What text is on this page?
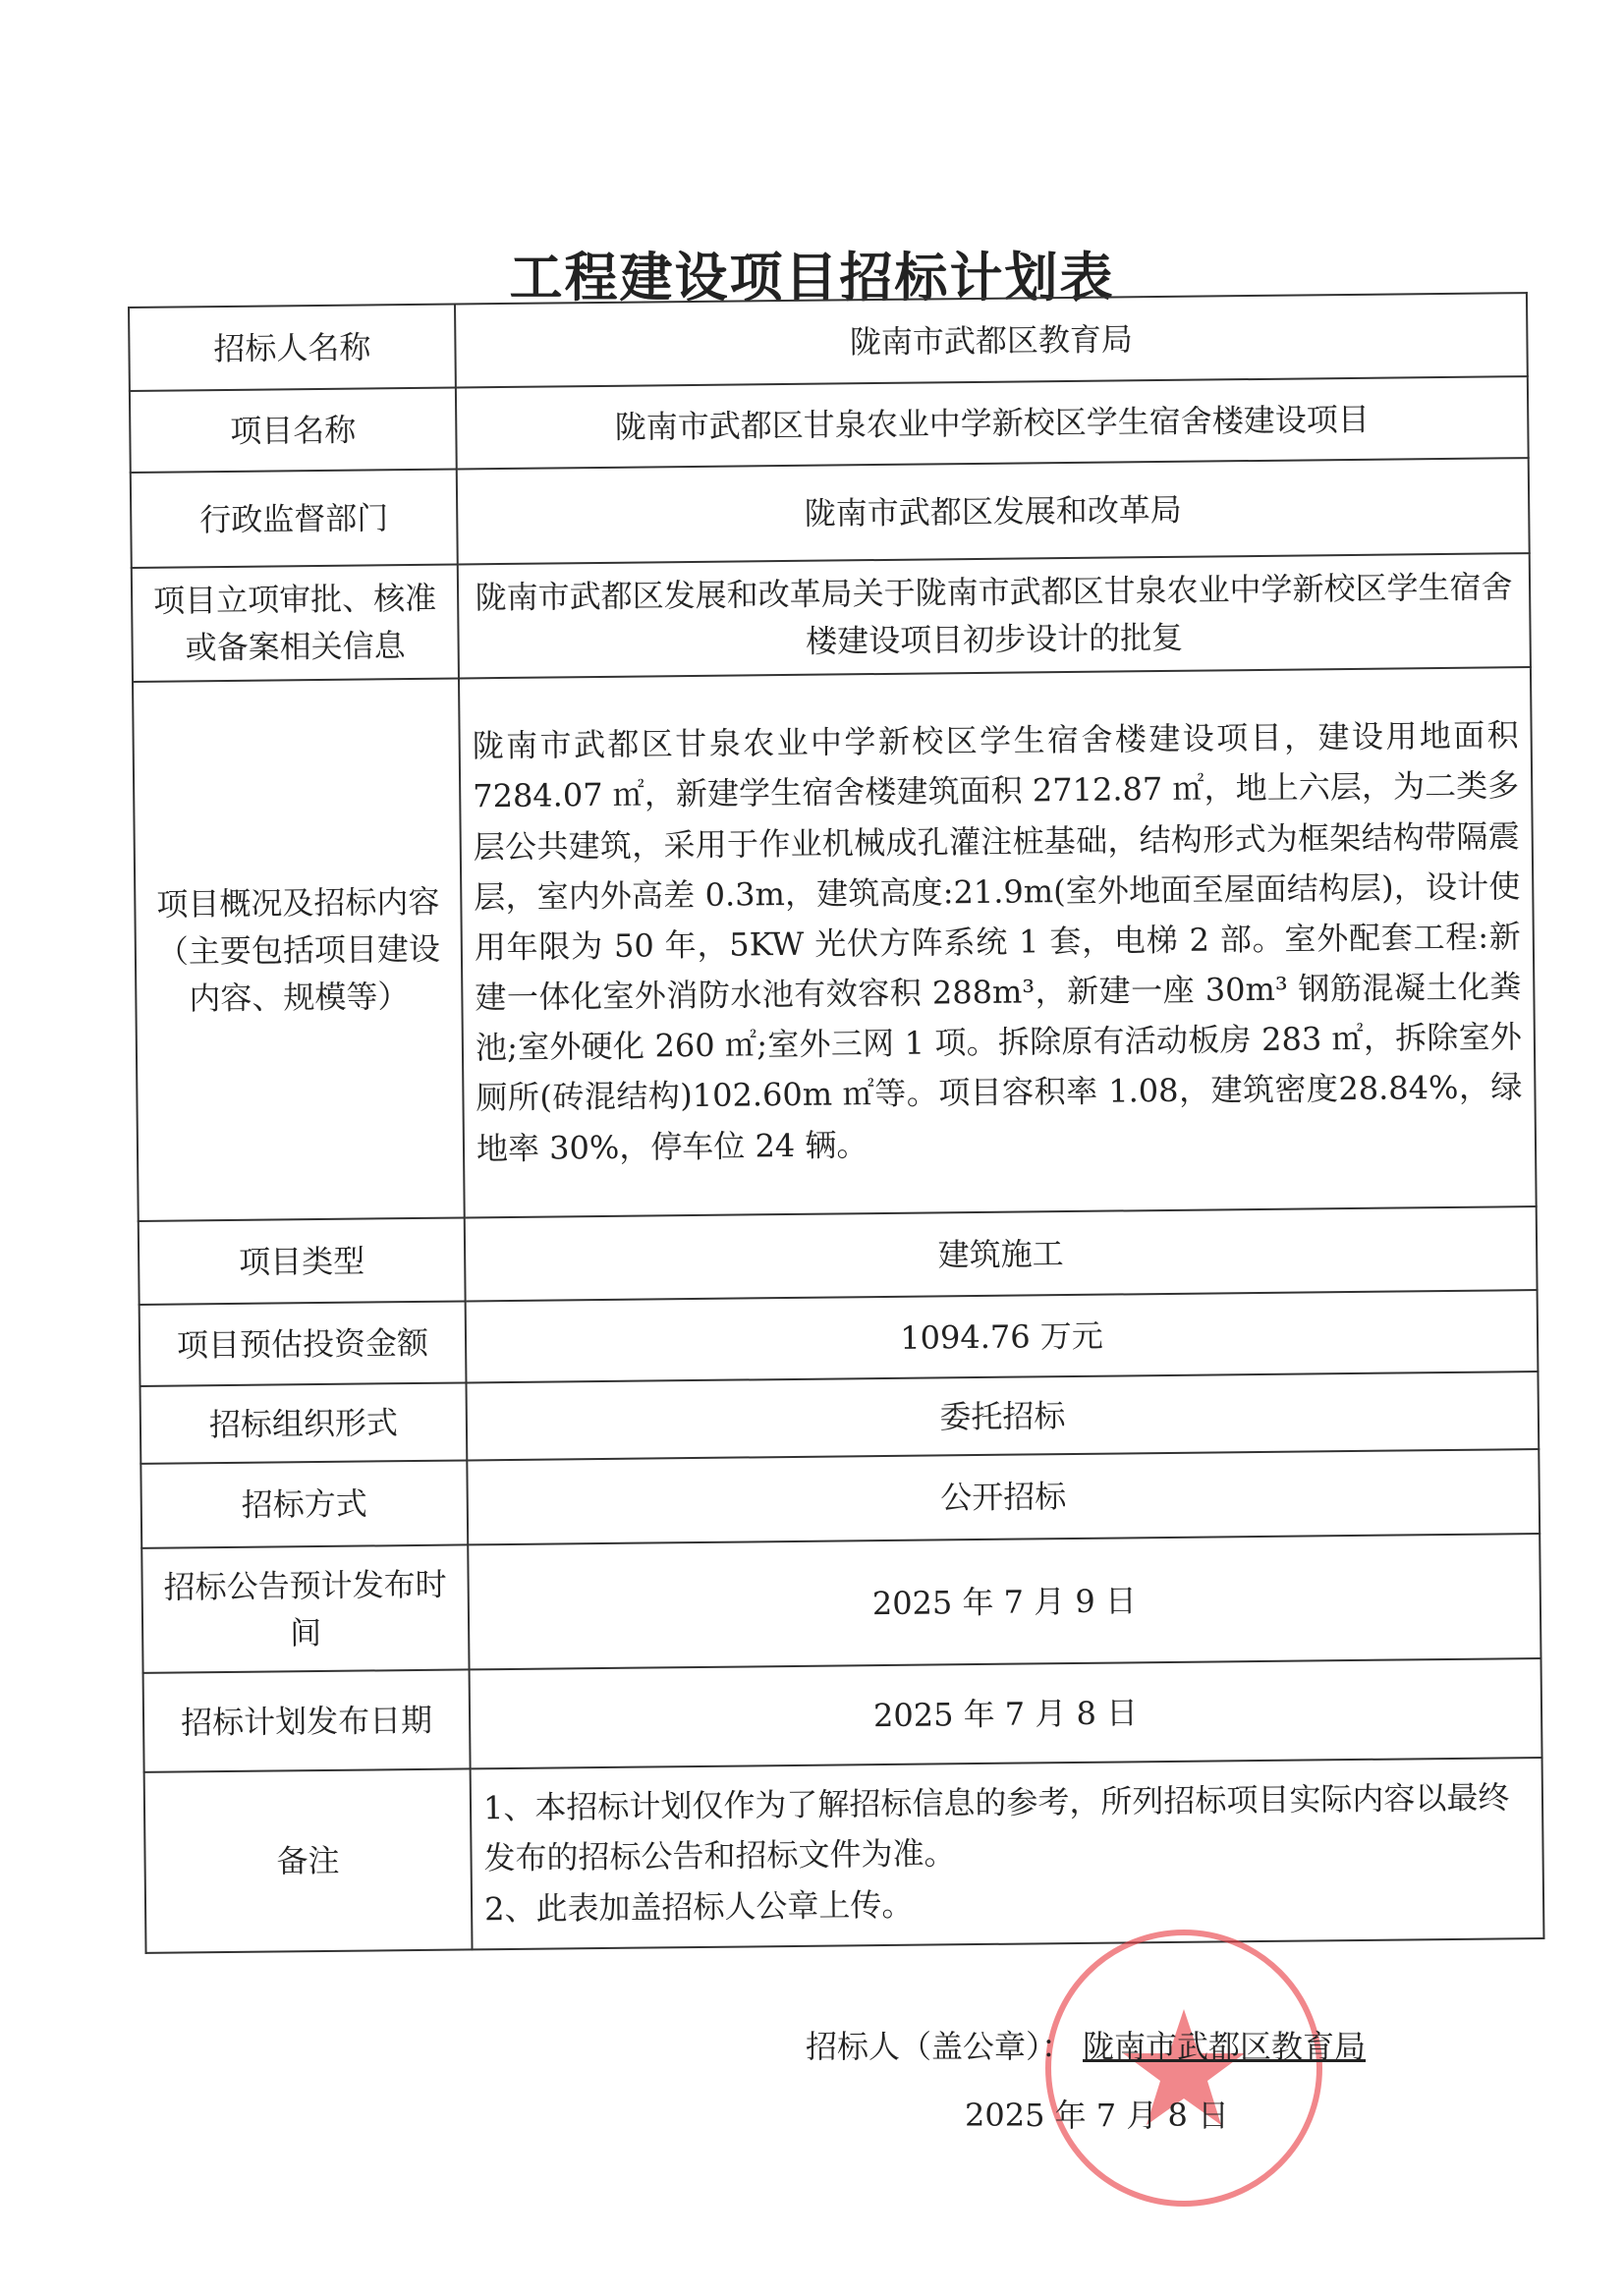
工程建设项目招标计划表
招标人名称	陇南市武都区教育局
项目名称	陇南市武都区甘泉农业中学新校区学生宿舍楼建设项目
行政监督部门	陇南市武都区发展和改革局
项目立项审批、核准或备案相关信息	陇南市武都区发展和改革局关于陇南市武都区甘泉农业中学新校区学生宿舍楼建设项目初步设计的批复
项目概况及招标内容（主要包括项目建设内容、规模等）	陇南市武都区甘泉农业中学新校区学生宿舍楼建设项目，建设用地面积7284.07 ㎡，新建学生宿舍楼建筑面积 2712.87 ㎡，地上六层，为二类多层公共建筑，采用于作业机械成孔灌注桩基础，结构形式为框架结构带隔震层，室内外高差 0.3m，建筑高度:21.9m(室外地面至屋面结构层)，设计使用年限为 50 年，5KW 光伏方阵系统 1 套，电梯 2 部。室外配套工程:新建一体化室外消防水池有效容积 288m³，新建一座 30m³ 钢筋混凝土化粪池;室外硬化 260 ㎡;室外三网 1 项。拆除原有活动板房 283 ㎡，拆除室外厕所(砖混结构)102.60m ㎡等。项目容积率 1.08，建筑密度28.84%，绿地率 30%，停车位 24 辆。
项目类型	建筑施工
项目预估投资金额	1094.76 万元
招标组织形式	委托招标
招标方式	公开招标
招标公告预计发布时间	2025 年 7 月 9 日
招标计划发布日期	2025 年 7 月 8 日
备注	1、本招标计划仅作为了解招标信息的参考，所列招标项目实际内容以最终发布的招标公告和招标文件为准。
2、此表加盖招标人公章上传。
招标人（盖公章）： 陇南市武都区教育局
2025 年 7 月 8 日
